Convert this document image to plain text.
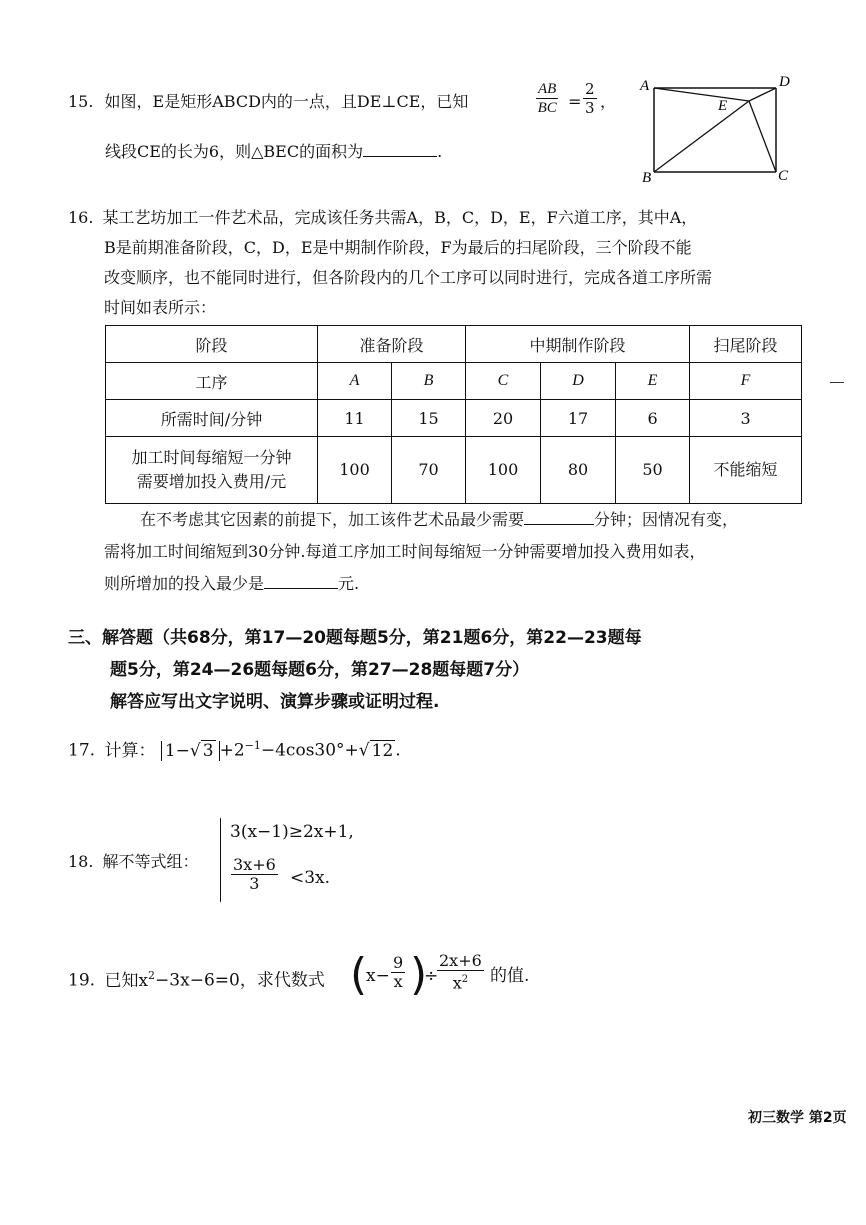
15. 如图，E是矩形ABCD内的一点，且DE⊥CE，已知	$\frac{AB}{BC} = \frac{2}{3}$ ，
线段CE的长为6，则△BEC的面积为	.
A	D
E
B	C
16. 某工艺坊加工一件艺术品，完成该任务共需A，B，C，D，E，F六道工序，其中A，
B是前期准备阶段，C，D，E是中期制作阶段，F为最后的扫尾阶段，三个阶段不能
改变顺序，也不能同时进行，但各阶段内的几个工序可以同时进行，完成各道工序所需
时间如表所示：
阶段	准备阶段		中期制作阶段			扫尾阶段
工序	A	B	C	D	E	F
所需时间/分钟	11	15	20	17	6	3
加工时间每缩短一分钟
需要增加投入费用/元	100	70	100	80	50	不能缩短
在不考虑其它因素的前提下，加工该件艺术品最少需要	分钟；因情况有变，
需将加工时间缩短到30分钟.每道工序加工时间每缩短一分钟需要增加投入费用如表，
则所增加的投入最少是	元.
三、解答题（共68分，第17—20题每题5分，第21题6分，第22—23题每
题5分，第24—26题每题6分，第27—28题每题7分）
解答应写出文字说明、演算步骤或证明过程.
17. 计算： 1−√ $3 +2^{-1}-4\cos 30^\circ+√$ 12 .
18. 解不等式组：
3(x−1)≥2x+1,
$\frac{3x+6}{3} <3x$.
19. 已知$x^2-3x-6=0$，求代数式 (
$x- \frac{9}{x}$ )
÷
$\frac{2x+6}{x^2}$ 的值.
初三数学 第2页
